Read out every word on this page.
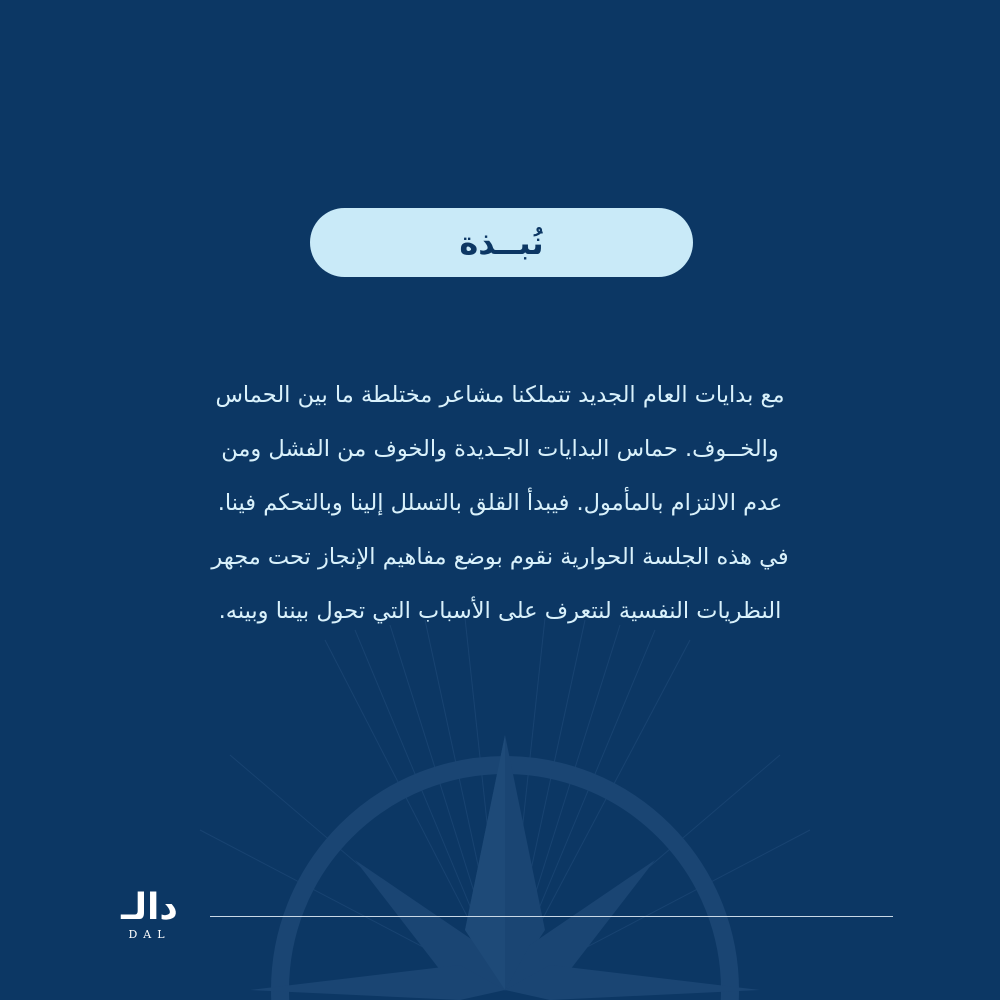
نُبــذة
مع بدايات العام الجديد تتملكنا مشاعر مختلطة ما بين الحماس
والخــوف. حماس البدايات الجـديدة والخوف من الفشل ومن
عدم الالتزام بالمأمول. فيبدأ القلق بالتسلل إلينا وبالتحكم فينا.
في هذه الجلسة الحوارية نقوم بوضع مفاهيم الإنجاز تحت مجهر
النظريات النفسية لنتعرف على الأسباب التي تحول بيننا وبينه.
دالـ
DAL
